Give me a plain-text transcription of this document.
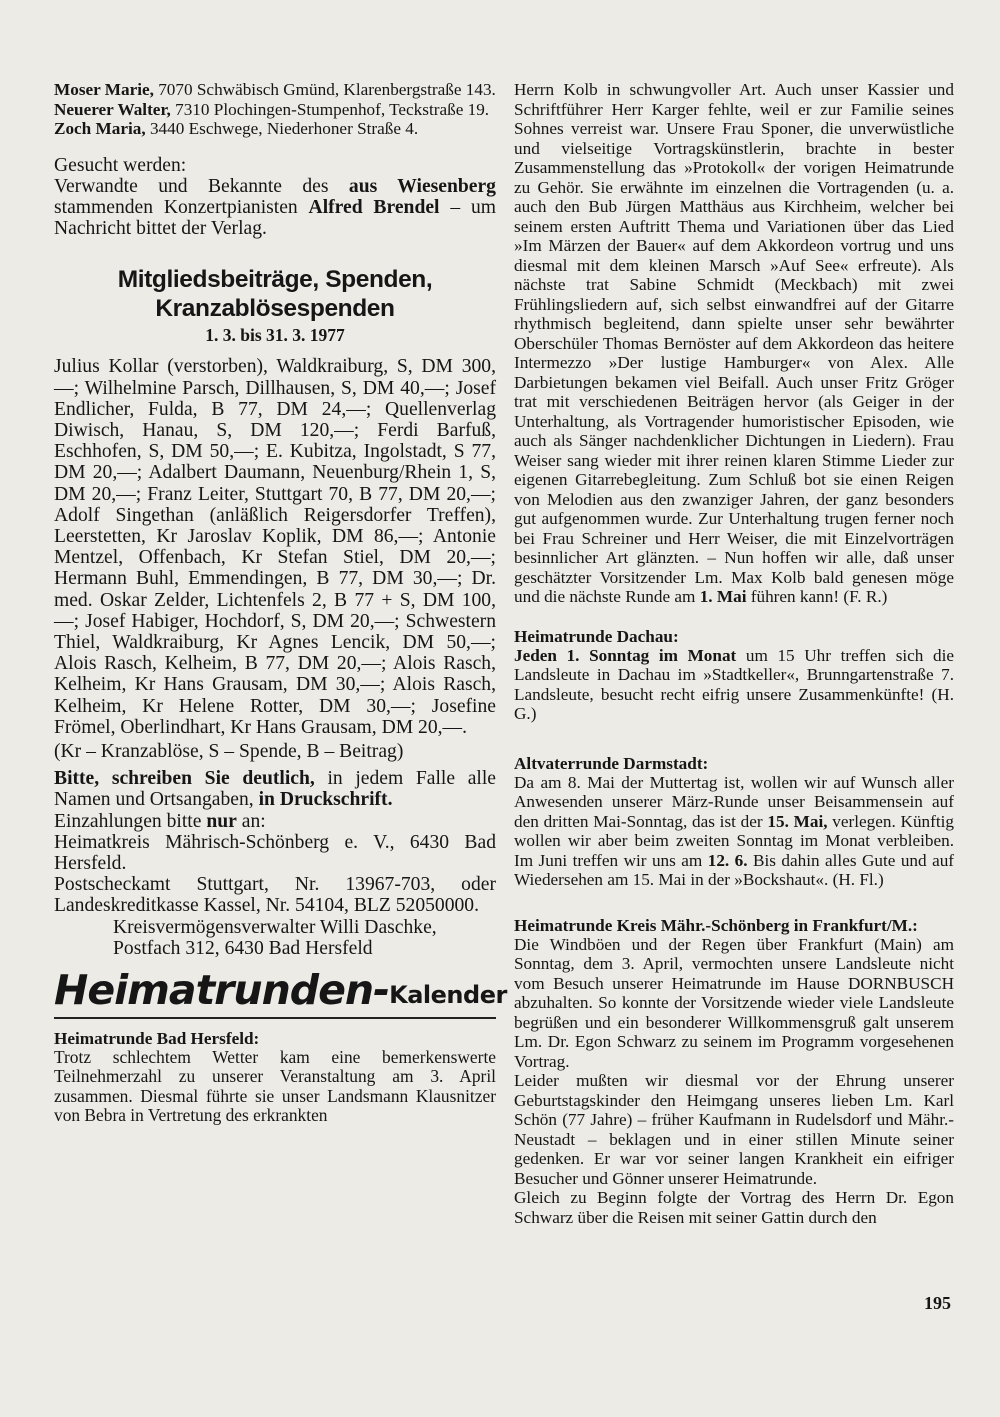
Moser Marie, 7070 Schwäbisch Gmünd, Klarenbergstraße 143.

Neuerer Walter, 7310 Plochingen-Stumpenhof, Teckstraße 19.

Zoch Maria, 3440 Eschwege, Niederhoner Straße 4.

Gesucht werden:

Verwandte und Bekannte des aus Wiesenberg stammenden Konzertpianisten Alfred Brendel – um Nachricht bittet der Verlag.

Mitgliedsbeiträge, Spenden,
Kranzablösespenden
1. 3. bis 31. 3. 1977

Julius Kollar (verstorben), Waldkraiburg, S, DM 300,—; Wilhelmine Parsch, Dillhausen, S, DM 40,—; Josef Endlicher, Fulda, B 77, DM 24,—; Quellenverlag Diwisch, Hanau, S, DM 120,—; Ferdi Barfuß, Eschhofen, S, DM 50,—; E. Kubitza, Ingolstadt, S 77, DM 20,—; Adalbert Daumann, Neuenburg/Rhein 1, S, DM 20,—; Franz Leiter, Stuttgart 70, B 77, DM 20,—; Adolf Singethan (anläßlich Reigersdorfer Treffen), Leerstetten, Kr Jaroslav Koplik, DM 86,—; Antonie Mentzel, Offenbach, Kr Stefan Stiel, DM 20,—; Hermann Buhl, Emmendingen, B 77, DM 30,—; Dr. med. Oskar Zelder, Lichtenfels 2, B 77 + S, DM 100,—; Josef Habiger, Hochdorf, S, DM 20,—; Schwestern Thiel, Waldkraiburg, Kr Agnes Lencik, DM 50,—; Alois Rasch, Kelheim, B 77, DM 20,—; Alois Rasch, Kelheim, Kr Hans Grausam, DM 30,—; Alois Rasch, Kelheim, Kr Helene Rotter, DM 30,—; Josefine Frömel, Oberlindhart, Kr Hans Grausam, DM 20,—.

(Kr – Kranzablöse, S – Spende, B – Beitrag)

Bitte, schreiben Sie deutlich, in jedem Falle alle Namen und Ortsangaben, in Druckschrift.

Einzahlungen bitte nur an:

Heimatkreis Mährisch-Schönberg e. V., 6430 Bad Hersfeld.

Postscheckamt Stuttgart, Nr. 13967-703, oder Landeskreditkasse Kassel, Nr. 54104, BLZ 52050000.

Kreisvermögensverwalter Willi Daschke,

Postfach 312, 6430 Bad Hersfeld

Heimatrunden- Kalender

Heimatrunde Bad Hersfeld:

Trotz schlechtem Wetter kam eine bemerkenswerte Teilnehmerzahl zu unserer Veranstaltung am 3. April zusammen. Diesmal führte sie unser Landsmann Klausnitzer von Bebra in Vertretung des erkrankten

Herrn Kolb in schwungvoller Art. Auch unser Kassier und Schriftführer Herr Karger fehlte, weil er zur Familie seines Sohnes verreist war. Unsere Frau Sponer, die unverwüstliche und vielseitige Vortragskünstlerin, brachte in bester Zusammenstellung das »Protokoll« der vorigen Heimatrunde zu Gehör. Sie erwähnte im einzelnen die Vortragenden (u. a. auch den Bub Jürgen Matthäus aus Kirchheim, welcher bei seinem ersten Auftritt Thema und Variationen über das Lied »Im Märzen der Bauer« auf dem Akkordeon vortrug und uns diesmal mit dem kleinen Marsch »Auf See« erfreute). Als nächste trat Sabine Schmidt (Meckbach) mit zwei Frühlingsliedern auf, sich selbst einwandfrei auf der Gitarre rhythmisch begleitend, dann spielte unser sehr bewährter Oberschüler Thomas Bernöster auf dem Akkordeon das heitere Intermezzo »Der lustige Hamburger« von Alex. Alle Darbietungen bekamen viel Beifall. Auch unser Fritz Gröger trat mit verschiedenen Beiträgen hervor (als Geiger in der Unterhaltung, als Vortragender humoristischer Episoden, wie auch als Sänger nachdenklicher Dichtungen in Liedern). Frau Weiser sang wieder mit ihrer reinen klaren Stimme Lieder zur eigenen Gitarrebegleitung. Zum Schluß bot sie einen Reigen von Melodien aus den zwanziger Jahren, der ganz besonders gut aufgenommen wurde. Zur Unterhaltung trugen ferner noch bei Frau Schreiner und Herr Weiser, die mit Einzelvorträgen besinnlicher Art glänzten. – Nun hoffen wir alle, daß unser geschätzter Vorsitzender Lm. Max Kolb bald genesen möge und die nächste Runde am 1. Mai führen kann! (F. R.)

Heimatrunde Dachau:

Jeden 1. Sonntag im Monat um 15 Uhr treffen sich die Landsleute in Dachau im »Stadtkeller«, Brunngartenstraße 7. Landsleute, besucht recht eifrig unsere Zusammenkünfte! (H. G.)

Altvaterrunde Darmstadt:

Da am 8. Mai der Muttertag ist, wollen wir auf Wunsch aller Anwesenden unserer März-Runde unser Beisammensein auf den dritten Mai-Sonntag, das ist der 15. Mai, verlegen. Künftig wollen wir aber beim zweiten Sonntag im Monat verbleiben. Im Juni treffen wir uns am 12. 6. Bis dahin alles Gute und auf Wiedersehen am 15. Mai in der »Bockshaut«. (H. Fl.)

Heimatrunde Kreis Mähr.-Schönberg in Frankfurt/M.:

Die Windböen und der Regen über Frankfurt (Main) am Sonntag, dem 3. April, vermochten unsere Landsleute nicht vom Besuch unserer Heimatrunde im Hause DORNBUSCH abzuhalten. So konnte der Vorsitzende wieder viele Landsleute begrüßen und ein besonderer Willkommensgruß galt unserem Lm. Dr. Egon Schwarz zu seinem im Programm vorgesehenen Vortrag.

Leider mußten wir diesmal vor der Ehrung unserer Geburtstagskinder den Heimgang unseres lieben Lm. Karl Schön (77 Jahre) – früher Kaufmann in Rudelsdorf und Mähr.-Neustadt – beklagen und in einer stillen Minute seiner gedenken. Er war vor seiner langen Krankheit ein eifriger Besucher und Gönner unserer Heimatrunde.

Gleich zu Beginn folgte der Vortrag des Herrn Dr. Egon Schwarz über die Reisen mit seiner Gattin durch den

195
